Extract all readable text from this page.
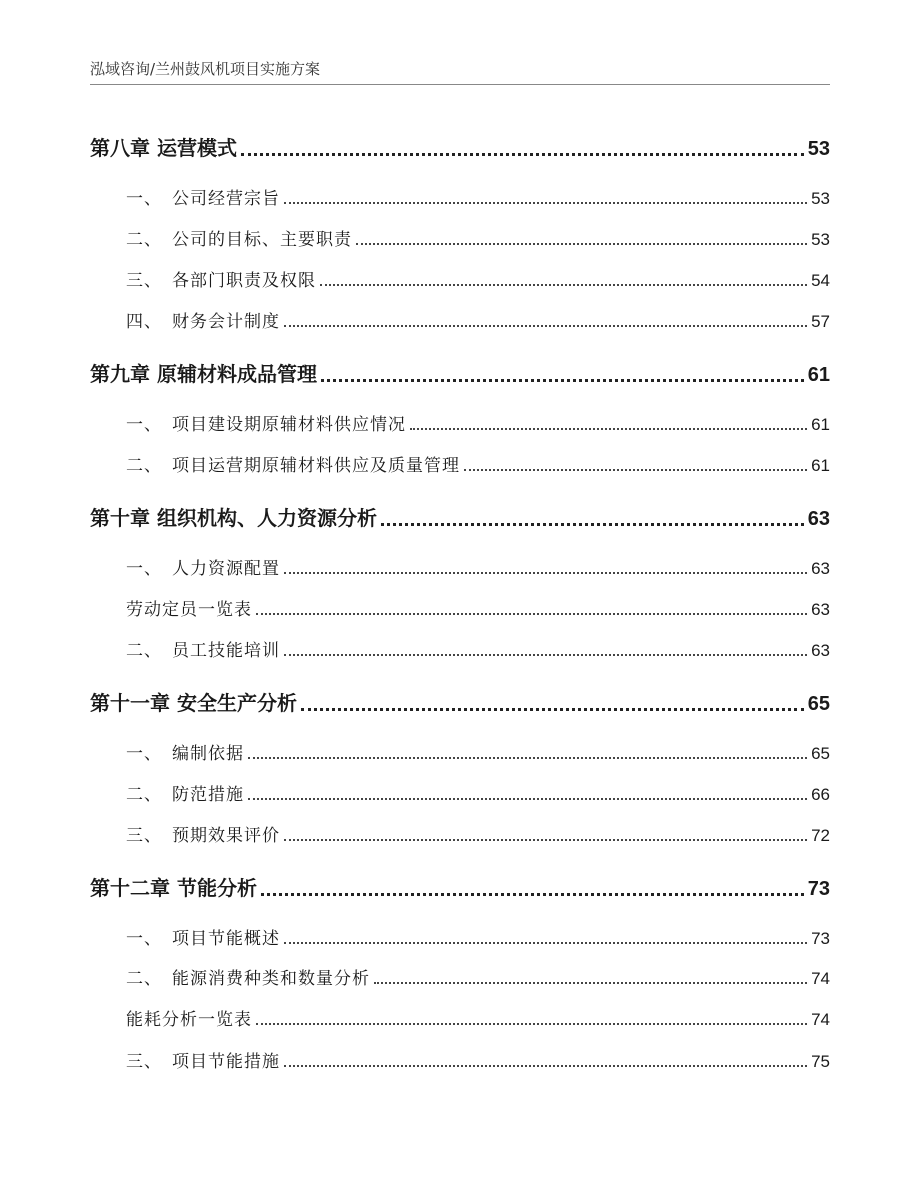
泓域咨询/兰州鼓风机项目实施方案
第八章 运营模式	53
一、 公司经营宗旨	53
二、 公司的目标、主要职责	53
三、 各部门职责及权限	54
四、 财务会计制度	57
第九章 原辅材料成品管理	61
一、 项目建设期原辅材料供应情况	61
二、 项目运营期原辅材料供应及质量管理	61
第十章 组织机构、人力资源分析	63
一、 人力资源配置	63
劳动定员一览表	63
二、 员工技能培训	63
第十一章 安全生产分析	65
一、 编制依据	65
二、 防范措施	66
三、 预期效果评价	72
第十二章 节能分析	73
一、 项目节能概述	73
二、 能源消费种类和数量分析	74
能耗分析一览表	74
三、 项目节能措施	75
